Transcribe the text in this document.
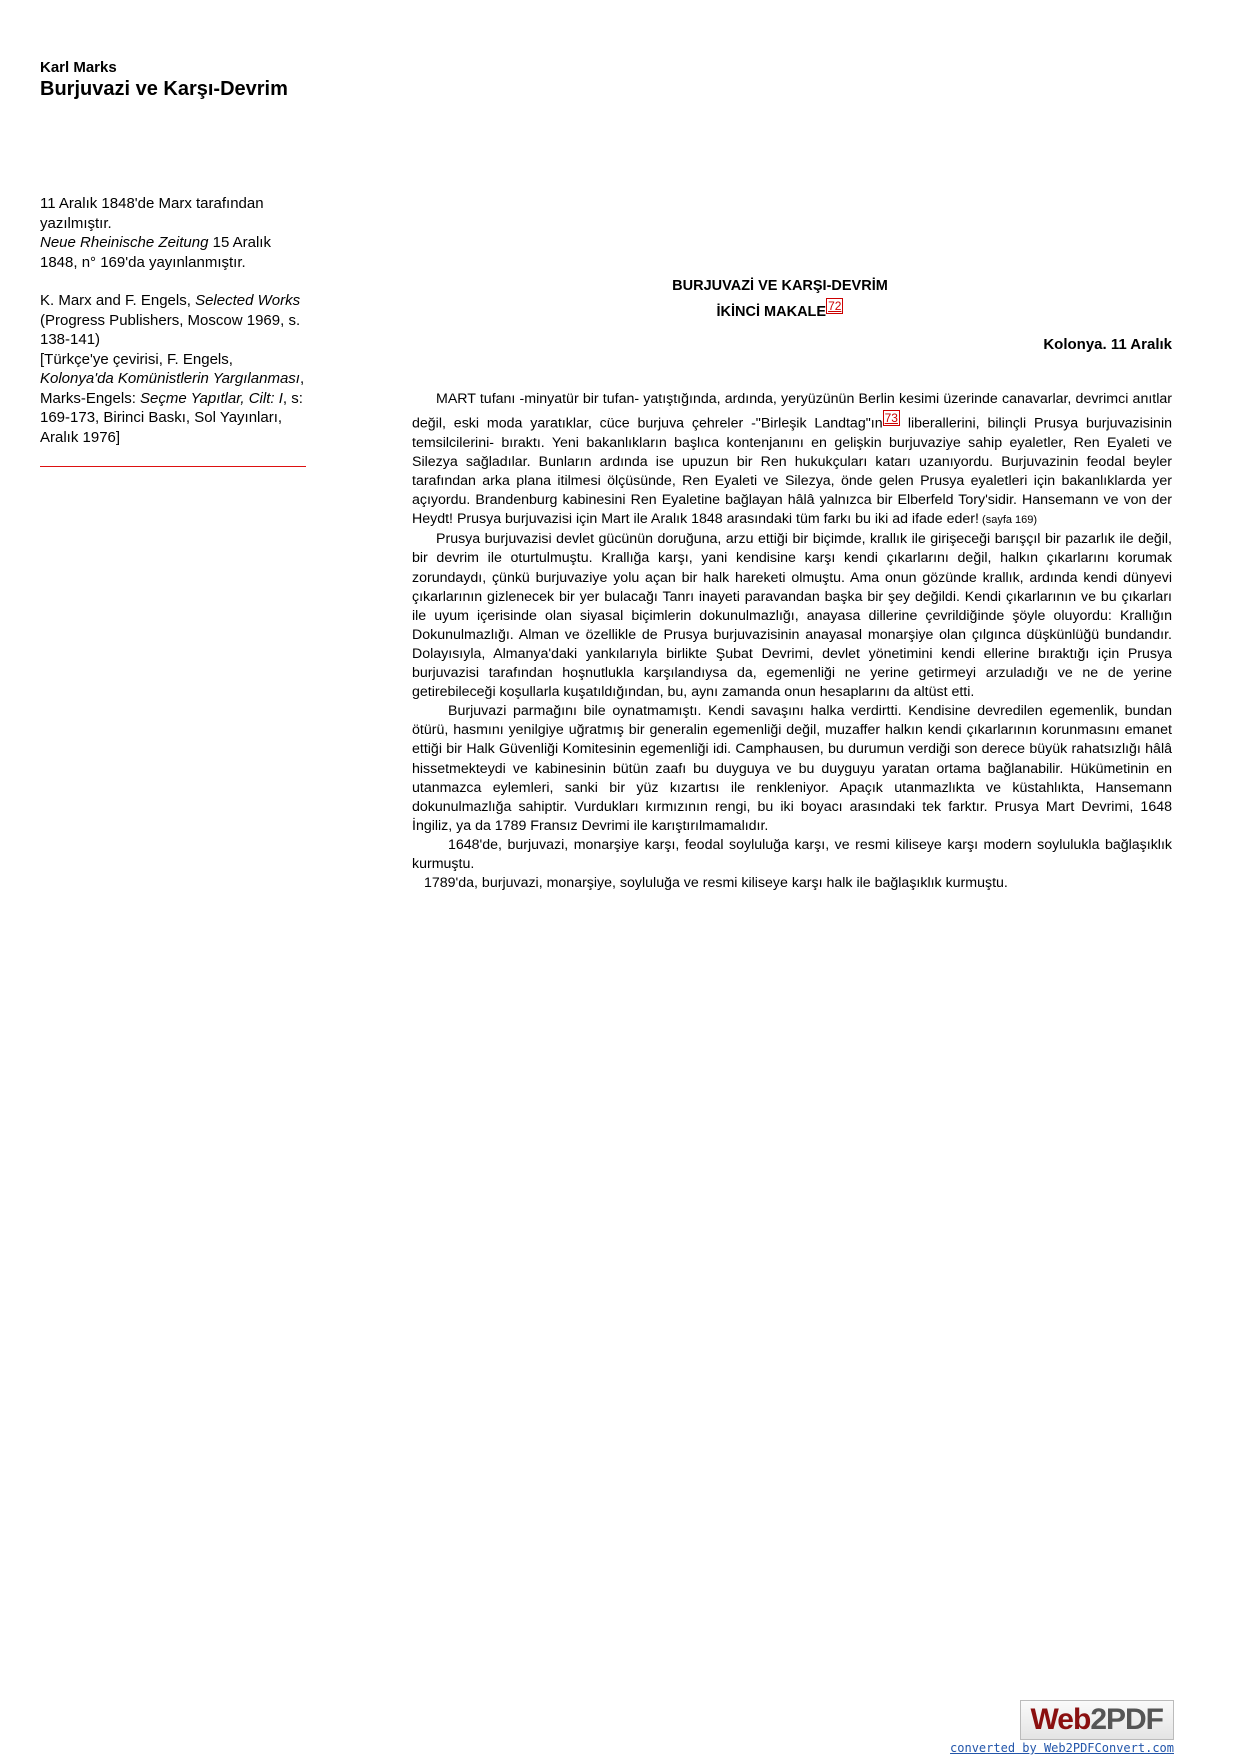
Karl Marks
Burjuvazi ve Karşı-Devrim

11 Aralık 1848'de Marx tarafından yazılmıştır.

Neue Rheinische Zeitung 15 Aralık 1848, n° 169'da yayınlanmıştır.

K. Marx and F. Engels, Selected Works (Progress Publishers, Moscow 1969, s. 138-141)

[Türkçe'ye çevirisi, F. Engels, Kolonya'da Komünistlerin Yargılanması, Marks-Engels: Seçme Yapıtlar, Cilt: I, s: 169-173, Birinci Baskı, Sol Yayınları, Aralık 1976]

BURJUVAZİ VE KARŞI-DEVRİM
İKİNCİ MAKALE $^{72}$
Kolonya. 11 Aralık

MART tufanı -minyatür bir tufan- yatıştığında, ardında, yeryüzünün Berlin kesimi üzerinde canavarlar, devrimci anıtlar değil, eski moda yaratıklar, cüce burjuva çehreler -"Birleşik Landtag"ın $^{73}$ liberallerini, bilinçli Prusya burjuvazisinin temsilcilerini- bıraktı. Yeni bakanlıkların başlıca kontenjanını en gelişkin burjuvaziye sahip eyaletler, Ren Eyaleti ve Silezya sağladılar. Bunların ardında ise upuzun bir Ren hukukçuları katarı uzanıyordu. Burjuvazinin feodal beyler tarafından arka plana itilmesi ölçüsünde, Ren Eyaleti ve Silezya, önde gelen Prusya eyaletleri için bakanlıklarda yer açıyordu. Brandenburg kabinesini Ren Eyaletine bağlayan hâlâ yalnızca bir Elberfeld Tory'sidir. Hansemann ve von der Heydt! Prusya burjuvazisi için Mart ile Aralık 1848 arasındaki tüm farkı bu iki ad ifade eder! (sayfa 169)

Prusya burjuvazisi devlet gücünün doruğuna, arzu ettiği bir biçimde, krallık ile girişeceği barışçıl bir pazarlık ile değil, bir devrim ile oturtulmuştu. Krallığa karşı, yani kendisine karşı kendi çıkarlarını değil, halkın çıkarlarını korumak zorundaydı, çünkü burjuvaziye yolu açan bir halk hareketi olmuştu. Ama onun gözünde krallık, ardında kendi dünyevi çıkarlarının gizlenecek bir yer bulacağı Tanrı inayeti paravandan başka bir şey değildi. Kendi çıkarlarının ve bu çıkarları ile uyum içerisinde olan siyasal biçimlerin dokunulmazlığı, anayasa dillerine çevrildiğinde şöyle oluyordu: Krallığın Dokunulmazlığı. Alman ve özellikle de Prusya burjuvazisinin anayasal monarşiye olan çılgınca düşkünlüğü bundandır. Dolayısıyla, Almanya'daki yankılarıyla birlikte Şubat Devrimi, devlet yönetimini kendi ellerine bıraktığı için Prusya burjuvazisi tarafından hoşnutlukla karşılandıysa da, egemenliği ne yerine getirmeyi arzuladığı ve ne de yerine getirebileceği koşullarla kuşatıldığından, bu, aynı zamanda onun hesaplarını da altüst etti.

Burjuvazi parmağını bile oynatmamıştı. Kendi savaşını halka verdirtti. Kendisine devredilen egemenlik, bundan ötürü, hasmını yenilgiye uğratmış bir generalin egemenliği değil, muzaffer halkın kendi çıkarlarının korunmasını emanet ettiği bir Halk Güvenliği Komitesinin egemenliği idi. Camphausen, bu durumun verdiği son derece büyük rahatsızlığı hâlâ hissetmekteydi ve kabinesinin bütün zaafı bu duyguya ve bu duyguyu yaratan ortama bağlanabilir. Hükümetinin en utanmazca eylemleri, sanki bir yüz kızartısı ile renkleniyor. Apaçık utanmazlıkta ve küstahlıkta, Hansemann dokunulmazlığa sahiptir. Vurdukları kırmızının rengi, bu iki boyacı arasındaki tek farktır. Prusya Mart Devrimi, 1648 İngiliz, ya da 1789 Fransız Devrimi ile karıştırılmamalıdır.

1648'de, burjuvazi, monarşiye karşı, feodal soyluluğa karşı, ve resmi kiliseye karşı modern soylulukla bağlaşıklık kurmuştu.

1789'da, burjuvazi, monarşiye, soyluluğa ve resmi kiliseye karşı halk ile bağlaşıklık kurmuştu.

Web2PDF
converted by Web2PDFConvert.com
